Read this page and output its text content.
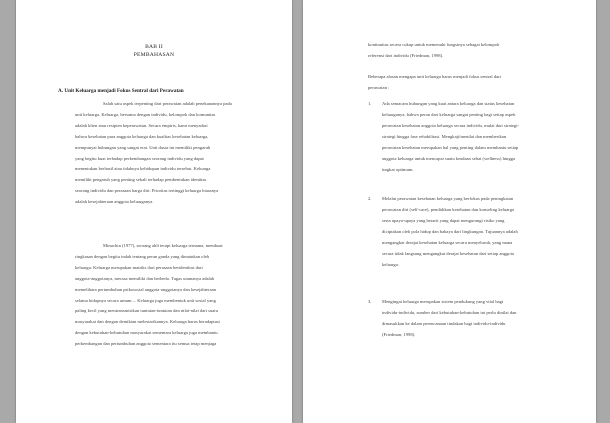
BAB II
PEMBAHASAN
A. Unit Keluarga menjadi Fokus Sentral dari Perawatan
Salah satu aspek terpenting dari perawatan adalah penekanannya pada
unit keluarga. Keluarga, bersama dengan individu, kelompok dan komunitas
adalah klien atau resipien keperawatan. Secara empiris, kami menyadari
bahwa kesehatan para anggota keluarga dan kualitas kesehatan keluarga,
mempunyai hubungan yang sangat erat. Unit dasar ini memiliki pengaruh
yang begitu kuat terhadap perkembangan seorang individu yang dapat
menentukan berhasil atau tidaknya kehidupan individu tersebut. Keluarga
memiliki pengaruh yang penting sekali terhadap pembentukan identitas
seorang individu dan perasaan harga diri. Prioritas tertinggi keluarga biasanya
adalah kesejahteraan anggota keluarganya.
Minuchin (1977), seorang ahli terapi keluarga ternama, membuat
ringkasan dengan begitu indah tentang peran ganda yang dimainkan oleh
keluarga: Keluarga merupakan matriks dari perasaan beridentitas dari
anggota-anggotanya, merasa memiliki dan berbeda. Tugas utamanya adalah
memelihara pertumbuhan psikososial anggota-anggotanya dan kesejahteraan
selama hidupnya secara umum.... Keluarga juga membentuk unit sosial yang
paling kecil yang mentransmisikan tuntutan-tuntutan dan nilai-nilai dari suatu
masyarakat dan dengan demikian melestarikannya. Keluarga harus beradaptasi
dengan kebutuhan-kebutuhan masyarakat sementara keluarga juga membantu
perkembangan dan pertumbuhan anggota sementara itu semua tetap menjaga
kontinuitas secara cukup untuk memenuhi fungsinya sebagai kelompok
referensi dari individu (Friedman, 1998).
Beberapa alasan mengapa unit keluarga harus menjadi fokus sentral dari
perawatan :
1. Ada semacam hubungan yang kuat antara keluarga dan status kesehatan
keluarganya, bahwa peran dari keluarga sangat penting bagi setiap aspek
perawatan kesehatan anggota keluarga secara individu, mulai dari strategi-
strategi hingga fase rehabilitasi. Mengkaji/menilai dan memberikan
perawatan kesehatan merupakan hal yang penting dalam membantu setiap
anggota keluarga untuk mencapai suatu keadaan sehat (wellness) hingga
tingkat optimum.
2. Melalui perawatan kesehatan keluarga yang berfokus pada peningkatan
perawatan diri (self-care), pendidikan kesehatan dan konseling keluarga
serta upaya-upaya yang berarti yang dapat mengurangi risiko yang
diciptakan oleh pola hidup dan bahaya dari lingkungan. Tujuannya adalah
mengangkat derajat kesehatan keluarga secara menyeluruh, yang mana
secara tidak langsung mengangkat derajat kesehatan dari setiap anggota
keluarga.
3. Mengingat keluarga merupakan sistem pendukung yang vital bagi
individu-individu, sumber dari kebutuhan-kebutuhan ini perlu dinilai dan
dimasukkan ke dalam perencanaan tindakan bagi individu-individu
(Friedman, 1998).
